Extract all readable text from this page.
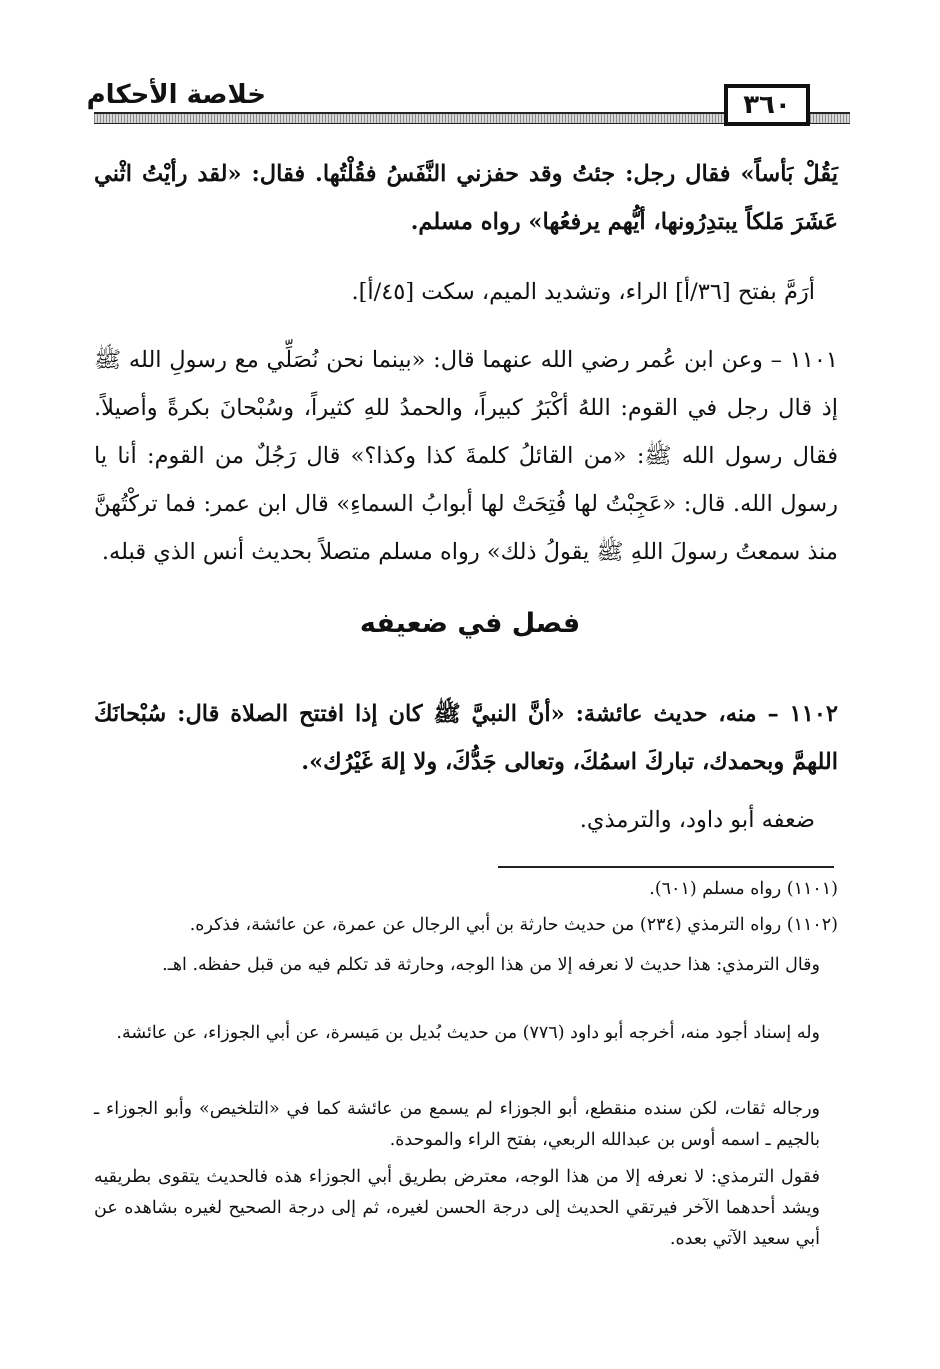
خلاصة الأحكام	٣٦٠
يَقُلْ بَأساً» فقال رجل: جئتُ وقد حفزني النَّفَسُ فقُلْتُها. فقال: «لقد رأيْتُ اثْني عَشَرَ مَلكاً يبتدِرُونها، أيُّهم يرفعُها» رواه مسلم.
أرَمَّ بفتح [٣٦/أ] الراء، وتشديد الميم، سكت [٤٥/أ].
١١٠١ – وعن ابن عُمر رضي الله عنهما قال: «بينما نحن نُصَلِّي مع رسولِ الله ﷺ إذ قال رجل في القوم: اللهُ أكْبَرُ كبيراً، والحمدُ للهِ كثيراً، وسُبْحانَ بكرةً وأصيلاً. فقال رسول الله ﷺ: «من القائلُ كلمةَ كذا وكذا؟» قال رَجُلٌ من القوم: أنا يا رسول الله. قال: «عَجِبْتُ لها فُتِحَتْ لها أبوابُ السماءِ» قال ابن عمر: فما تركْتُهنَّ منذ سمعتُ رسولَ اللهِ ﷺ يقولُ ذلك» رواه مسلم متصلاً بحديث أنس الذي قبله.
فصل في ضعيفه
١١٠٢ – منه، حديث عائشة: «أنَّ النبيَّ ﷺ كان إذا افتتح الصلاة قال: سُبْحانَكَ اللهمَّ وبحمدك، تباركَ اسمُكَ، وتعالى جَدُّكَ، ولا إلهَ غَيْرُك».
ضعفه أبو داود، والترمذي.
(١١٠١) رواه مسلم (٦٠١).
(١١٠٢) رواه الترمذي (٢٣٤) من حديث حارثة بن أبي الرجال عن عمرة، عن عائشة، فذكره.
وقال الترمذي: هذا حديث لا نعرفه إلا من هذا الوجه، وحارثة قد تكلم فيه من قبل حفظه. اهـ.
وله إسناد أجود منه، أخرجه أبو داود (٧٧٦) من حديث بُديل بن مَيسرة، عن أبي الجوزاء، عن عائشة.
ورجاله ثقات، لكن سنده منقطع، أبو الجوزاء لم يسمع من عائشة كما في «التلخيص» وأبو الجوزاء ـ بالجيم ـ اسمه أوس بن عبدالله الربعي، بفتح الراء والموحدة.
فقول الترمذي: لا نعرفه إلا من هذا الوجه، معترض بطريق أبي الجوزاء هذه فالحديث يتقوى بطريقيه ويشد أحدهما الآخر فيرتقي الحديث إلى درجة الحسن لغيره، ثم إلى درجة الصحيح لغيره بشاهده عن أبي سعيد الآتي بعده.
